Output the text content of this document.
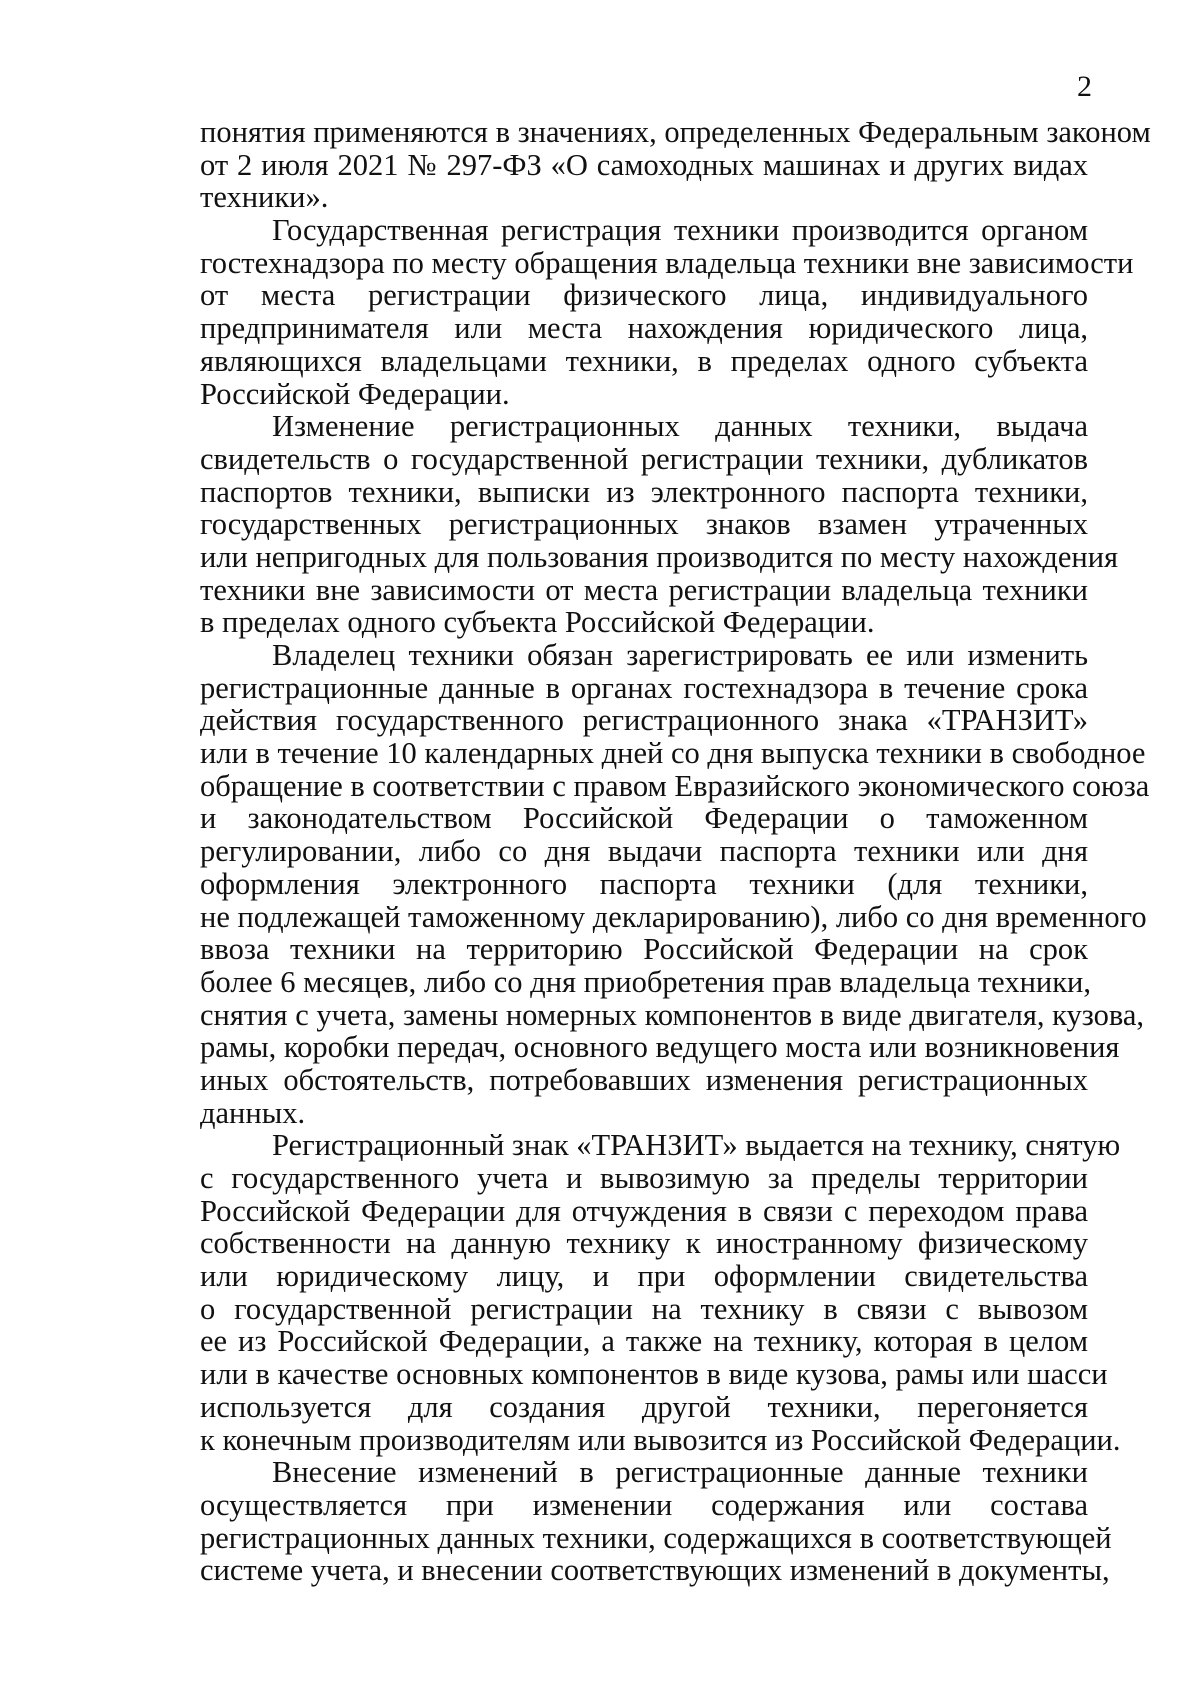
2
понятия применяются в значениях, определенных Федеральным законом
от 2 июля 2021 № 297-ФЗ «О самоходных машинах и других видах
техники».
Государственная регистрация техники производится органом
гостехнадзора по месту обращения владельца техники вне зависимости
от места регистрации физического лица, индивидуального
предпринимателя или места нахождения юридического лица,
являющихся владельцами техники, в пределах одного субъекта
Российской Федерации.
Изменение регистрационных данных техники, выдача
свидетельств о государственной регистрации техники, дубликатов
паспортов техники, выписки из электронного паспорта техники,
государственных регистрационных знаков взамен утраченных
или непригодных для пользования производится по месту нахождения
техники вне зависимости от места регистрации владельца техники
в пределах одного субъекта Российской Федерации.
Владелец техники обязан зарегистрировать ее или изменить
регистрационные данные в органах гостехнадзора в течение срока
действия государственного регистрационного знака «ТРАНЗИТ»
или в течение 10 календарных дней со дня выпуска техники в свободное
обращение в соответствии с правом Евразийского экономического союза
и законодательством Российской Федерации о таможенном
регулировании, либо со дня выдачи паспорта техники или дня
оформления электронного паспорта техники (для техники,
не подлежащей таможенному декларированию), либо со дня временного
ввоза техники на территорию Российской Федерации на срок
более 6 месяцев, либо со дня приобретения прав владельца техники,
снятия с учета, замены номерных компонентов в виде двигателя, кузова,
рамы, коробки передач, основного ведущего моста или возникновения
иных обстоятельств, потребовавших изменения регистрационных
данных.
Регистрационный знак «ТРАНЗИТ» выдается на технику, снятую
с государственного учета и вывозимую за пределы территории
Российской Федерации для отчуждения в связи с переходом права
собственности на данную технику к иностранному физическому
или юридическому лицу, и при оформлении свидетельства
о государственной регистрации на технику в связи с вывозом
ее из Российской Федерации, а также на технику, которая в целом
или в качестве основных компонентов в виде кузова, рамы или шасси
используется для создания другой техники, перегоняется
к конечным производителям или вывозится из Российской Федерации.
Внесение изменений в регистрационные данные техники
осуществляется при изменении содержания или состава
регистрационных данных техники, содержащихся в соответствующей
системе учета, и внесении соответствующих изменений в документы,
